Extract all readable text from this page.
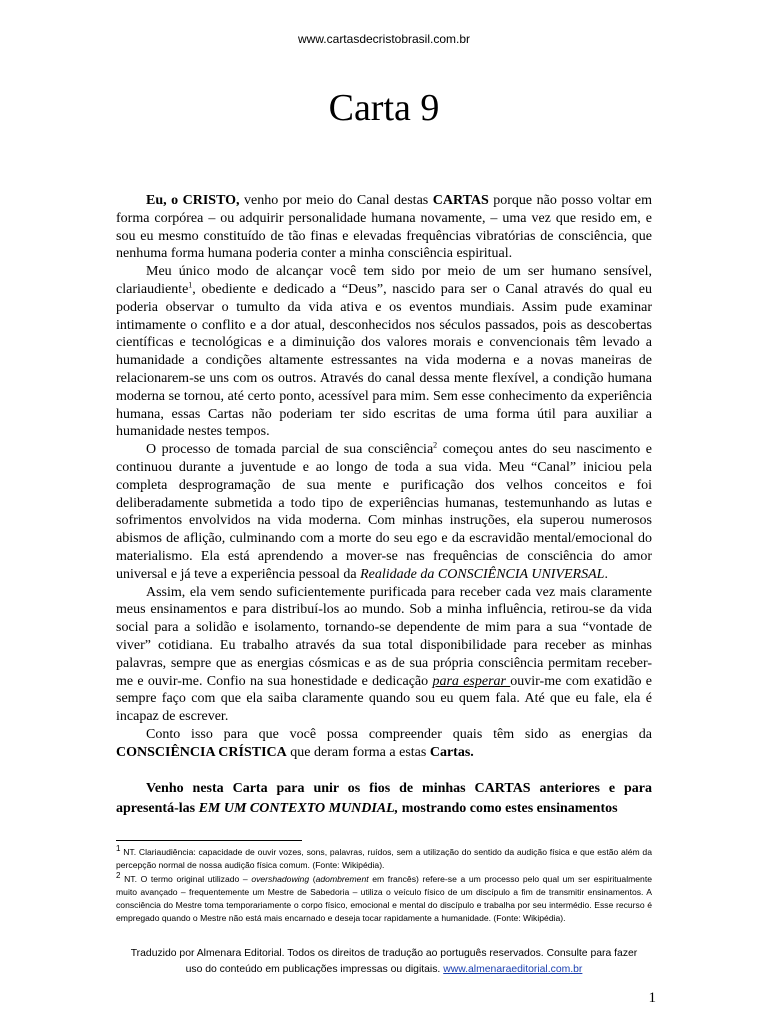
www.cartasdecristobrasil.com.br
Carta 9

Eu, o CRISTO, venho por meio do Canal destas CARTAS porque não posso voltar em forma corpórea – ou adquirir personalidade humana novamente, – uma vez que resido em, e sou eu mesmo constituído de tão finas e elevadas frequências vibratórias de consciência, que nenhuma forma humana poderia conter a minha consciência espiritual.

Meu único modo de alcançar você tem sido por meio de um ser humano sensível, clariaudiente$^1$, obediente e dedicado a “Deus”, nascido para ser o Canal através do qual eu poderia observar o tumulto da vida ativa e os eventos mundiais. Assim pude examinar intimamente o conflito e a dor atual, desconhecidos nos séculos passados, pois as descobertas científicas e tecnológicas e a diminuição dos valores morais e convencionais têm levado a humanidade a condições altamente estressantes na vida moderna e a novas maneiras de relacionarem-se uns com os outros. Através do canal dessa mente flexível, a condição humana moderna se tornou, até certo ponto, acessível para mim. Sem esse conhecimento da experiência humana, essas Cartas não poderiam ter sido escritas de uma forma útil para auxiliar a humanidade nestes tempos.

O processo de tomada parcial de sua consciência$^2$ começou antes do seu nascimento e continuou durante a juventude e ao longo de toda a sua vida. Meu “Canal” iniciou pela completa desprogramação de sua mente e purificação dos velhos conceitos e foi deliberadamente submetida a todo tipo de experiências humanas, testemunhando as lutas e sofrimentos envolvidos na vida moderna. Com minhas instruções, ela superou numerosos abismos de aflição, culminando com a morte do seu ego e da escravidão mental/emocional do materialismo. Ela está aprendendo a mover-se nas frequências de consciência do amor universal e já teve a experiência pessoal da Realidade da CONSCIÊNCIA UNIVERSAL.

Assim, ela vem sendo suficientemente purificada para receber cada vez mais claramente meus ensinamentos e para distribuí-los ao mundo. Sob a minha influência, retirou-se da vida social para a solidão e isolamento, tornando-se dependente de mim para a sua “vontade de viver” cotidiana. Eu trabalho através da sua total disponibilidade para receber as minhas palavras, sempre que as energias cósmicas e as de sua própria consciência permitam receber-me e ouvir-me. Confio na sua honestidade e dedicação para esperar ouvir-me com exatidão e sempre faço com que ela saiba claramente quando sou eu quem fala. Até que eu fale, ela é incapaz de escrever.

Conto isso para que você possa compreender quais têm sido as energias da CONSCIÊNCIA CRÍSTICA que deram forma a estas Cartas.

Venho nesta Carta para unir os fios de minhas CARTAS anteriores e para apresentá-las EM UM CONTEXTO MUNDIAL, mostrando como estes ensinamentos

$^1$ NT. Clariaudiência: capacidade de ouvir vozes, sons, palavras, ruídos, sem a utilização do sentido da audição física e que estão além da percepção normal de nossa audição física comum. (Fonte: Wikipédia).

$^2$ NT. O termo original utilizado – overshadowing (adombrement em francês) refere-se a um processo pelo qual um ser espiritualmente muito avançado – frequentemente um Mestre de Sabedoria – utiliza o veículo físico de um discípulo a fim de transmitir ensinamentos. A consciência do Mestre toma temporariamente o corpo físico, emocional e mental do discípulo e trabalha por seu intermédio. Esse recurso é empregado quando o Mestre não está mais encarnado e deseja tocar rapidamente a humanidade. (Fonte: Wikipédia).

Traduzido por Almenara Editorial. Todos os direitos de tradução ao português reservados. Consulte para fazer
uso do conteúdo em publicações impressas ou digitais. www.almenaraeditorial.com.br
1
